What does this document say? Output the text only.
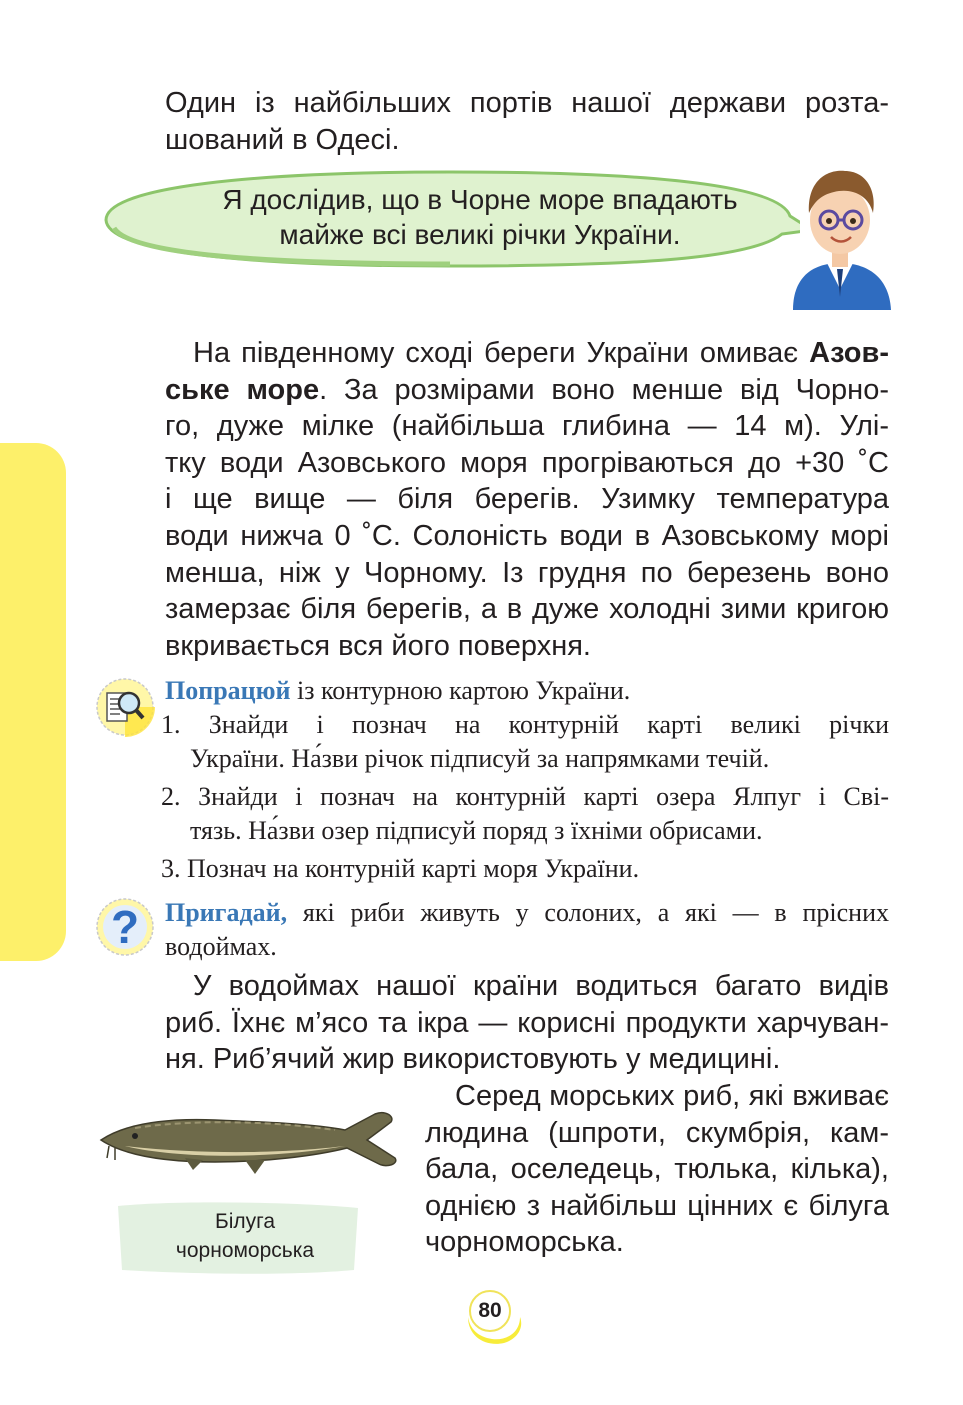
Один із найбільших портів нашої держави розта-
шований в Одесі.

Я дослідив, що в Чорне море впадають
майже всі великі річки України.

На південному сході береги України омиває Азов-
ське море. За розмірами воно менше від Чорно-
го, дуже мілке (найбільша глибина — 14 м). Улі-
тку води Азовського моря прогріваються до +30 ˚С
і ще вище — біля берегів. Узимку температура
води нижча 0 ˚С. Солоність води в Азовському морі
менша, ніж у Чорному. Із грудня по березень воно
замерзає біля берегів, а в дуже холодні зими кригою
вкривається вся його поверхня.

Попрацюй із контурною картою України.
1. Знайди і познач на контурній карті великі річки
України. На́зви річок підписуй за напрямками течій.
2. Знайди і познач на контурній карті озера Ялпуг і Сві-
тязь. На́зви озер підписуй поряд з їхніми обрисами.
3. Познач на контурній карті моря України.
? Пригадай, які риби живуть у солоних, а які — в прісних
водоймах.

У водоймах нашої країни водиться багато видів
риб. Їхнє м’ясо та ікра — корисні продукти харчуван-
ня. Риб’ячий жир використовують у медицині.

Білуга
чорноморська

Серед морських риб, які вживає
людина (шпроти, скумбрія, кам-
бала, оселедець, тюлька, кілька),
однією з найбільш цінних є білуга
чорноморська.

80
